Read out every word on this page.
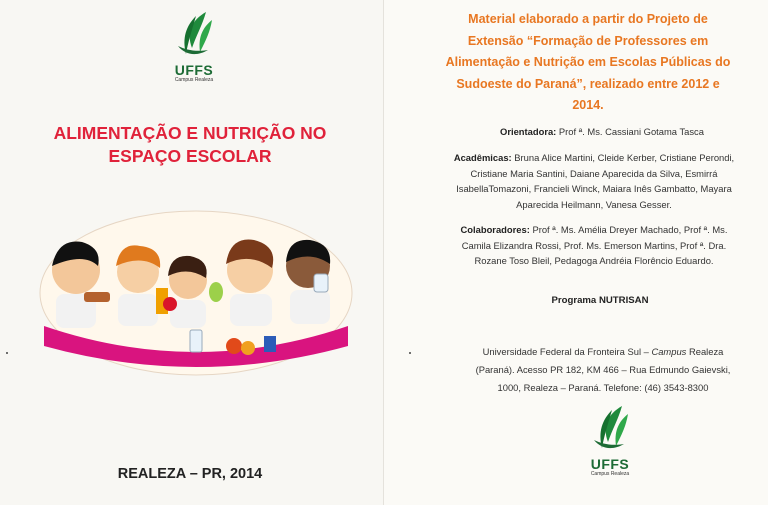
UFFS
Campus Realeza
ALIMENTAÇÃO E NUTRIÇÃO NO
ESPAÇO ESCOLAR
REALEZA – PR, 2014
Material elaborado a partir do Projeto de
Extensão “Formação de Professores em
Alimentação e Nutrição em Escolas Públicas do
Sudoeste do Paraná”, realizado entre 2012 e
2014.
Orientadora: Prof ª. Ms. Cassiani Gotama Tasca
Acadêmicas: Bruna Alice Martini, Cleide Kerber, Cristiane Perondi,
Cristiane Maria Santini, Daiane Aparecida da Silva, Esmirrá
IsabellaTomazoni, Francieli Winck, Maiara Inês Gambatto, Mayara
Aparecida Heilmann, Vanesa Gesser.
Colaboradores: Prof ª. Ms. Amélia Dreyer Machado, Prof ª. Ms.
Camila Elizandra Rossi, Prof. Ms. Emerson Martins, Prof ª. Dra.
Rozane Toso Bleil, Pedagoga Andréia Florêncio Eduardo.
Programa NUTRISAN
Universidade Federal da Fronteira Sul – Campus Realeza
(Paraná). Acesso PR 182, KM 466 – Rua Edmundo Gaievski,
1000, Realeza – Paraná. Telefone: (46) 3543-8300
UFFS
Campus Realeza
